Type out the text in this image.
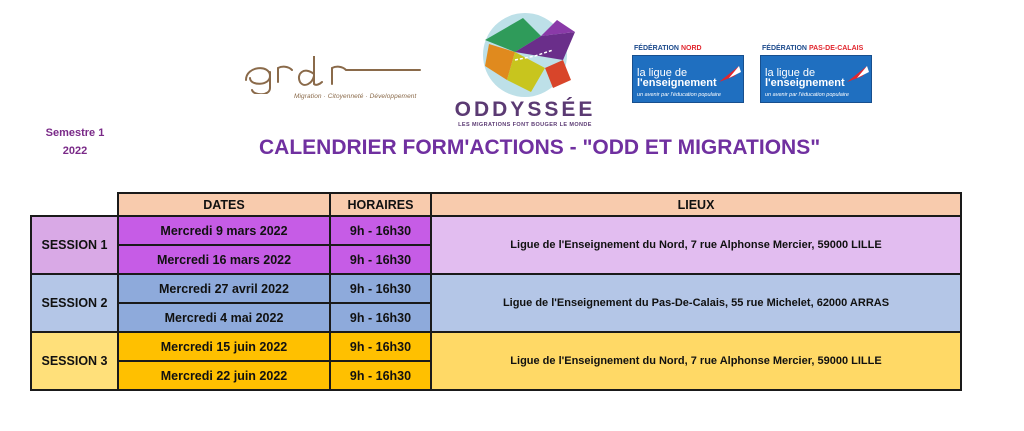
Migration · Citoyenneté · Développement
ODDYSSÉE
LES MIGRATIONS FONT BOUGER LE MONDE
FÉDÉRATION NORD
la ligue de
l'enseignement
un avenir par l'éducation populaire
FÉDÉRATION PAS-DE-CALAIS
la ligue de
l'enseignement
un avenir par l'éducation populaire
Semestre 1
2022	CALENDRIER FORM'ACTIONS - "ODD ET MIGRATIONS"
	DATES	HORAIRES	LIEUX
SESSION 1	Mercredi 9 mars 2022	9h - 16h30	Ligue de l'Enseignement du Nord, 7 rue Alphonse Mercier, 59000 LILLE
	Mercredi 16 mars 2022	9h - 16h30	
SESSION 2	Mercredi 27 avril 2022	9h - 16h30	Ligue de l'Enseignement du Pas-De-Calais, 55 rue Michelet, 62000 ARRAS
	Mercredi 4 mai 2022	9h - 16h30	
SESSION 3	Mercredi 15 juin 2022	9h - 16h30	Ligue de l'Enseignement du Nord, 7 rue Alphonse Mercier, 59000 LILLE
	Mercredi 22 juin 2022	9h - 16h30	
